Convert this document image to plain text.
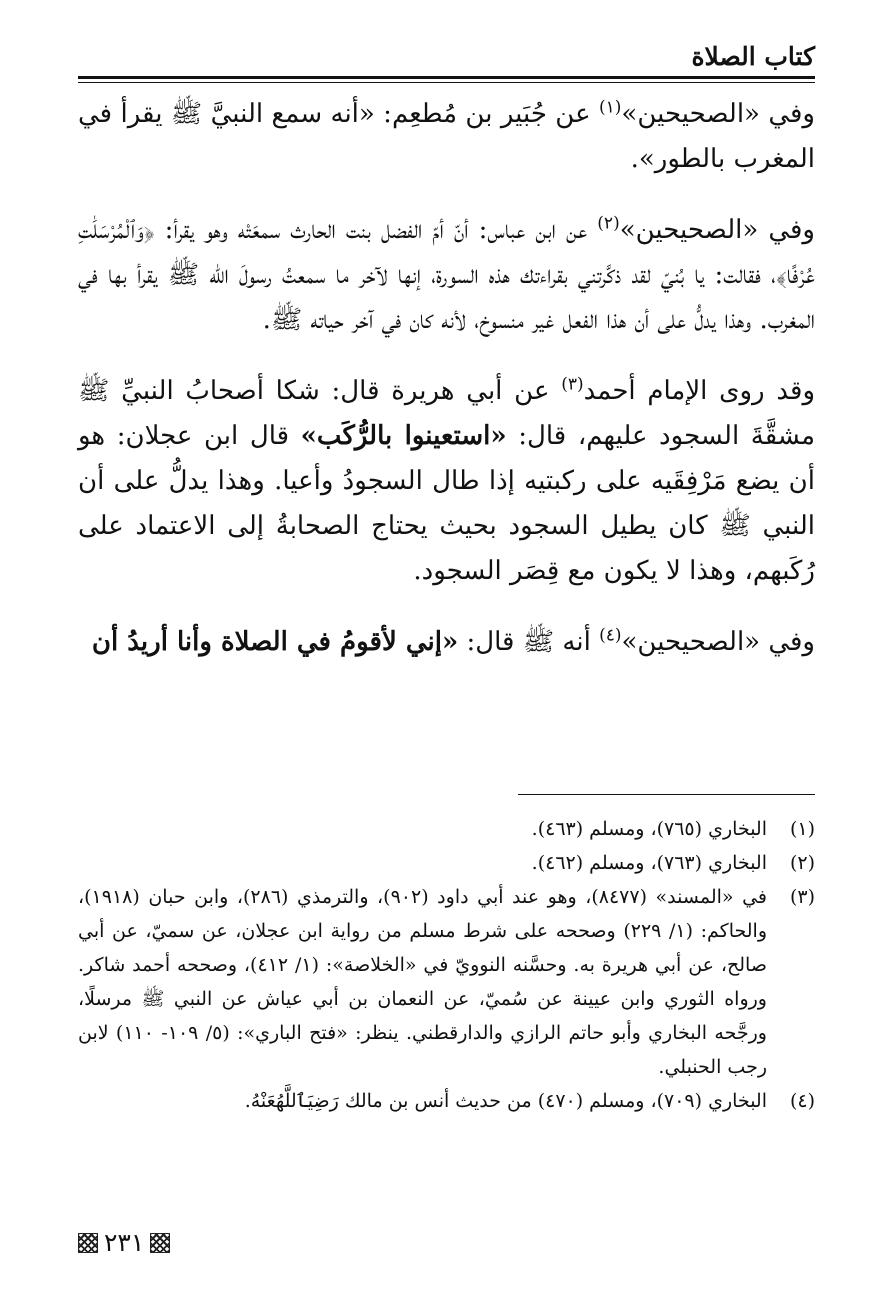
كتاب الصلاة

وفي «الصحيحين»$^{(١)}$ عن جُبَير بن مُطعِم: «أنه سمع النبيَّ ﷺ يقرأ في المغرب بالطور».

وفي «الصحيحين»$^{(٢)}$ عن ابن عباس: أنّ أمّ الفضل بنت الحارث سمعَتْه وهو يقرأ: ﴿وَٱلْمُرْسَلَٰتِ عُرْفًا﴾، فقالت: يا بُنيّ لقد ذكَّرتني بقراءتك هذه السورة، إنها لآخر ما سمعتُ رسولَ الله ﷺ يقرأ بها في المغرب. وهذا يدلُّ على أن هذا الفعل غير منسوخ، لأنه كان في آخر حياته ﷺ.

وقد روى الإمام أحمد$^{(٣)}$ عن أبي هريرة قال: شكا أصحابُ النبيِّ ﷺ مشقَّةَ السجود عليهم، قال: «استعينوا بالرُّكَب» قال ابن عجلان: هو أن يضع مَرْفِقَيه على ركبتيه إذا طال السجودُ وأعيا. وهذا يدلُّ على أن النبي ﷺ كان يطيل السجود بحيث يحتاج الصحابةُ إلى الاعتماد على رُكَبهم، وهذا لا يكون مع قِصَر السجود.

وفي «الصحيحين»$^{(٤)}$ أنه ﷺ قال: «إني لأقومُ في الصلاة وأنا أريدُ أن

(١)
البخاري (٧٦٥)، ومسلم (٤٦٣).
(٢)
البخاري (٧٦٣)، ومسلم (٤٦٢).
(٣)
في «المسند» (٨٤٧٧)، وهو عند أبي داود (٩٠٢)، والترمذي (٢٨٦)، وابن حبان (١٩١٨)، والحاكم: (١/ ٢٢٩) وصححه على شرط مسلم من رواية ابن عجلان، عن سميّ، عن أبي صالح، عن أبي هريرة به. وحسَّنه النوويّ في «الخلاصة»: (١/ ٤١٢)، وصححه أحمد شاكر. ورواه الثوري وابن عيينة عن سُميّ، عن النعمان بن أبي عياش عن النبي ﷺ مرسلًا، ورجَّحه البخاري وأبو حاتم الرازي والدارقطني. ينظر: «فتح الباري»: (٥/ ١٠٩- ١١٠) لابن رجب الحنبلي.
(٤)
البخاري (٧٠٩)، ومسلم (٤٧٠) من حديث أنس بن مالك رَضِيَٱللَّهُعَنْهُ.
٢٣١
